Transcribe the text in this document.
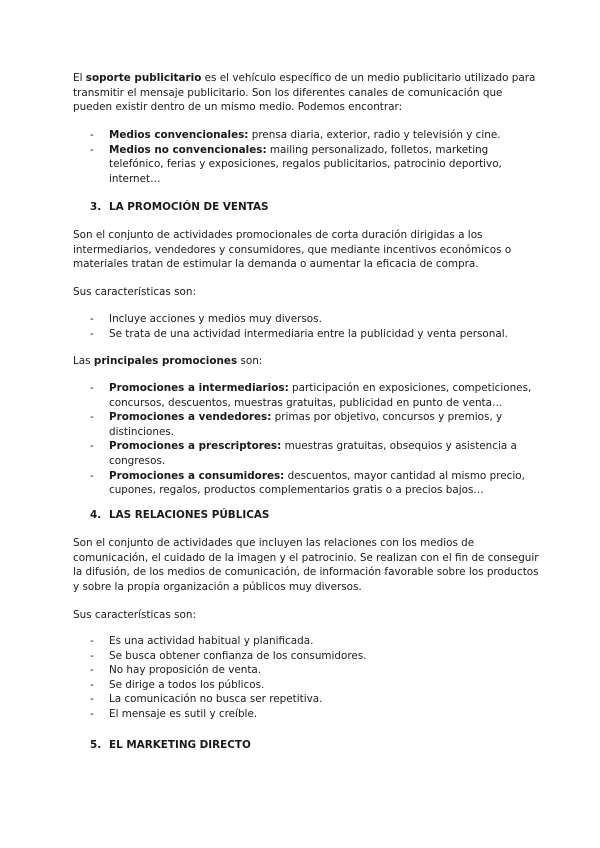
El soporte publicitario es el vehículo específico de un medio publicitario utilizado para
transmitir el mensaje publicitario. Son los diferentes canales de comunicación que
pueden existir dentro de un mismo medio. Podemos encontrar:

- Medios convencionales: prensa diaria, exterior, radio y televisión y cine.
- Medios no convencionales: mailing personalizado, folletos, marketing
telefónico, ferias y exposiciones, regalos publicitarios, patrocinio deportivo,
internet…
3. LA PROMOCIÓN DE VENTAS

Son el conjunto de actividades promocionales de corta duración dirigidas a los
intermediarios, vendedores y consumidores, que mediante incentivos económicos o
materiales tratan de estimular la demanda o aumentar la eficacia de compra.

Sus características son:

- Incluye acciones y medios muy diversos.
- Se trata de una actividad intermediaria entre la publicidad y venta personal.

Las principales promociones son:

- Promociones a intermediarios: participación en exposiciones, competiciones,
concursos, descuentos, muestras gratuitas, publicidad en punto de venta…
- Promociones a vendedores: primas por objetivo, concursos y premios, y
distinciones.
- Promociones a prescriptores: muestras gratuitas, obsequios y asistencia a
congresos.
- Promociones a consumidores: descuentos, mayor cantidad al mismo precio,
cupones, regalos, productos complementarios gratis o a precios bajos…
4. LAS RELACIONES PÚBLICAS

Son el conjunto de actividades que incluyen las relaciones con los medios de
comunicación, el cuidado de la imagen y el patrocinio. Se realizan con el fin de conseguir
la difusión, de los medios de comunicación, de información favorable sobre los productos
y sobre la propia organización a públicos muy diversos.

Sus características son:

- Es una actividad habitual y planificada.
- Se busca obtener confianza de los consumidores.
- No hay proposición de venta.
- Se dirige a todos los públicos.
- La comunicación no busca ser repetitiva.
- El mensaje es sutil y creíble.
5. EL MARKETING DIRECTO
